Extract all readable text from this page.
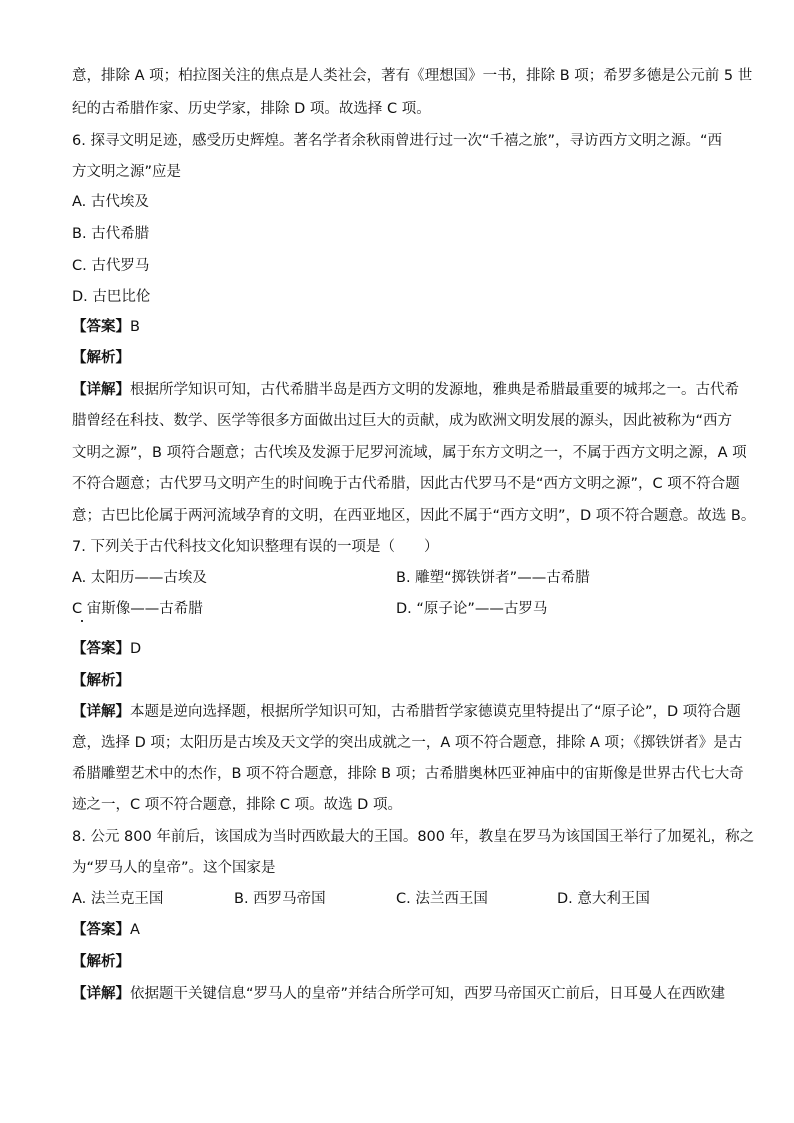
意，排除 A 项；柏拉图关注的焦点是人类社会，著有《理想国》一书，排除 B 项；希罗多德是公元前 5 世
纪的古希腊作家、历史学家，排除 D 项。故选择 C 项。
6. 探寻文明足迹，感受历史辉煌。著名学者余秋雨曾进行过一次“千禧之旅”，寻访西方文明之源。“西
方文明之源”应是
A. 古代埃及
B. 古代希腊
C. 古代罗马
D. 古巴比伦
【答案】B
【解析】
【详解】根据所学知识可知，古代希腊半岛是西方文明的发源地，雅典是希腊最重要的城邦之一。古代希
腊曾经在科技、数学、医学等很多方面做出过巨大的贡献，成为欧洲文明发展的源头，因此被称为“西方
文明之源”，B 项符合题意；古代埃及发源于尼罗河流域，属于东方文明之一，不属于西方文明之源，A 项
不符合题意；古代罗马文明产生的时间晚于古代希腊，因此古代罗马不是“西方文明之源”，C 项不符合题
意；古巴比伦属于两河流域孕育的文明，在西亚地区，因此不属于“西方文明”，D 项不符合题意。故选 B。
7. 下列关于古代科技文化知识整理有误的一项是（　　）
A. 太阳历——古埃及	B. 雕塑“掷铁饼者”——古希腊
C 宙斯像——古希腊	D. “原子论”——古罗马
【答案】D
【解析】
【详解】本题是逆向选择题，根据所学知识可知，古希腊哲学家德谟克里特提出了“原子论”，D 项符合题
意，选择 D 项；太阳历是古埃及天文学的突出成就之一，A 项不符合题意，排除 A 项；《掷铁饼者》是古
希腊雕塑艺术中的杰作，B 项不符合题意，排除 B 项；古希腊奥林匹亚神庙中的宙斯像是世界古代七大奇
迹之一，C 项不符合题意，排除 C 项。故选 D 项。
8. 公元 800 年前后，该国成为当时西欧最大的王国。800 年，教皇在罗马为该国国王举行了加冕礼，称之
为“罗马人的皇帝”。这个国家是
A. 法兰克王国	B. 西罗马帝国	C. 法兰西王国	D. 意大利王国
【答案】A
【解析】
【详解】依据题干关键信息“罗马人的皇帝”并结合所学可知，西罗马帝国灭亡前后，日耳曼人在西欧建
